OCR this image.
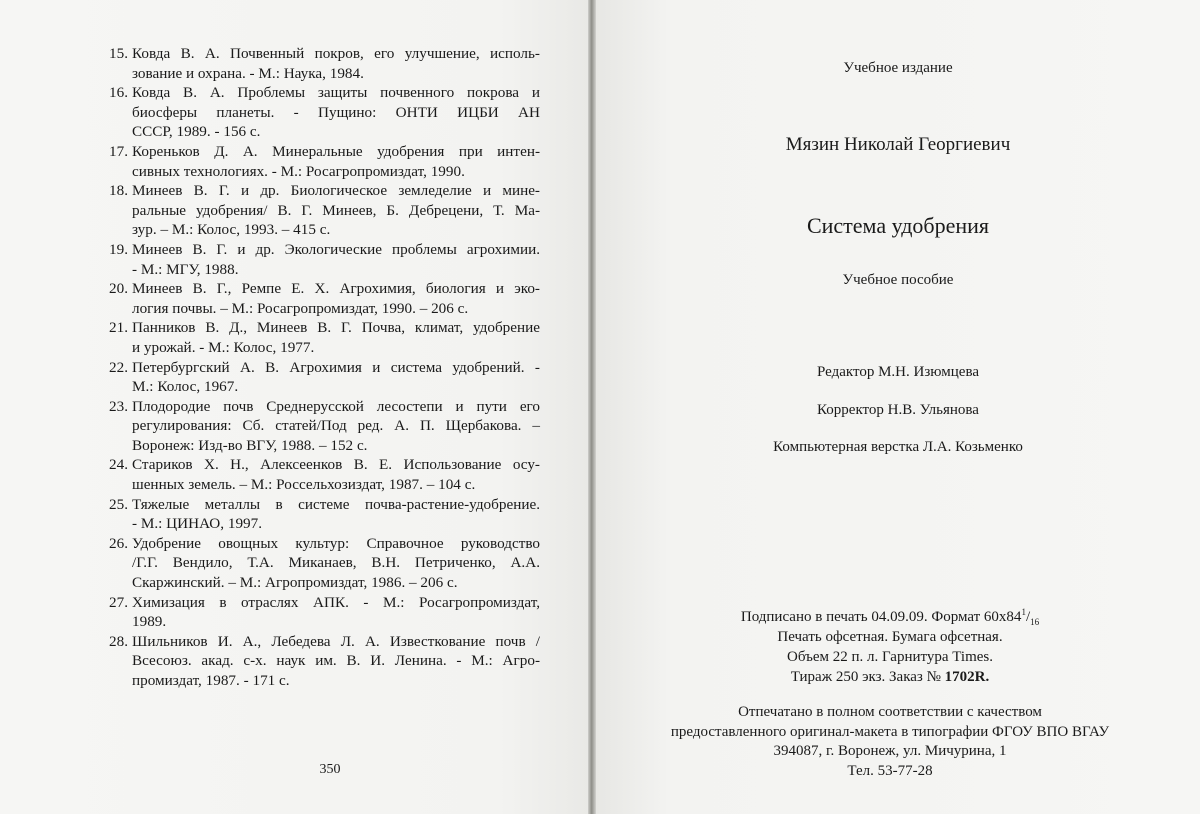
15. Ковда В. А. Почвенный покров, его улучшение, исполь-
зование и охрана. - М.: Наука, 1984.
16. Ковда В. А. Проблемы защиты почвенного покрова и
биосферы планеты. - Пущино: ОНТИ ИЦБИ АН
СССР, 1989. - 156 с.
17. Кореньков Д. А. Минеральные удобрения при интен-
сивных технологиях. - М.: Росагропромиздат, 1990.
18. Минеев В. Г. и др. Биологическое земледелие и мине-
ральные удобрения/ В. Г. Минеев, Б. Дебрецени, Т. Ма-
зур. – М.: Колос, 1993. – 415 с.
19. Минеев В. Г. и др. Экологические проблемы агрохимии.
- М.: МГУ, 1988.
20. Минеев В. Г., Ремпе Е. Х. Агрохимия, биология и эко-
логия почвы. – М.: Росагропромиздат, 1990. – 206 с.
21. Панников В. Д., Минеев В. Г. Почва, климат, удобрение
и урожай. - М.: Колос, 1977.
22. Петербургский А. В. Агрохимия и система удобрений. -
М.: Колос, 1967.
23. Плодородие почв Среднерусской лесостепи и пути его
регулирования: Сб. статей/Под ред. А. П. Щербакова. –
Воронеж: Изд-во ВГУ, 1988. – 152 с.
24. Стариков Х. Н., Алексеенков В. Е. Использование осу-
шенных земель. – М.: Россельхозиздат, 1987. – 104 с.
25. Тяжелые металлы в системе почва-растение-удобрение.
- М.: ЦИНАО, 1997.
26. Удобрение овощных культур: Справочное руководство
/Г.Г. Вендило, Т.А. Миканаев, В.Н. Петриченко, А.А.
Скаржинский. – М.: Агропромиздат, 1986. – 206 с.
27. Химизация в отраслях АПК. - М.: Росагропромиздат,
1989.
28. Шильников И. А., Лебедева Л. А. Известкование почв /
Всесоюз. акад. с-х. наук им. В. И. Ленина. - М.: Агро-
промиздат, 1987. - 171 с.
350
Учебное издание
Мязин Николай Георгиевич
Система удобрения
Учебное пособие
Редактор М.Н. Изюмцева
Корректор Н.В. Ульянова
Компьютерная верстка Л.А. Козьменко
Подписано в печать 04.09.09. Формат $60x84^1/_{16}$
Печать офсетная. Бумага офсетная.
Объем 22 п. л. Гарнитура Times.
Тираж 250 экз. Заказ № 1702R.
Отпечатано в полном соответствии с качеством
предоставленного оригинал-макета в типографии ФГОУ ВПО ВГАУ
394087, г. Воронеж, ул. Мичурина, 1
Тел. 53-77-28
